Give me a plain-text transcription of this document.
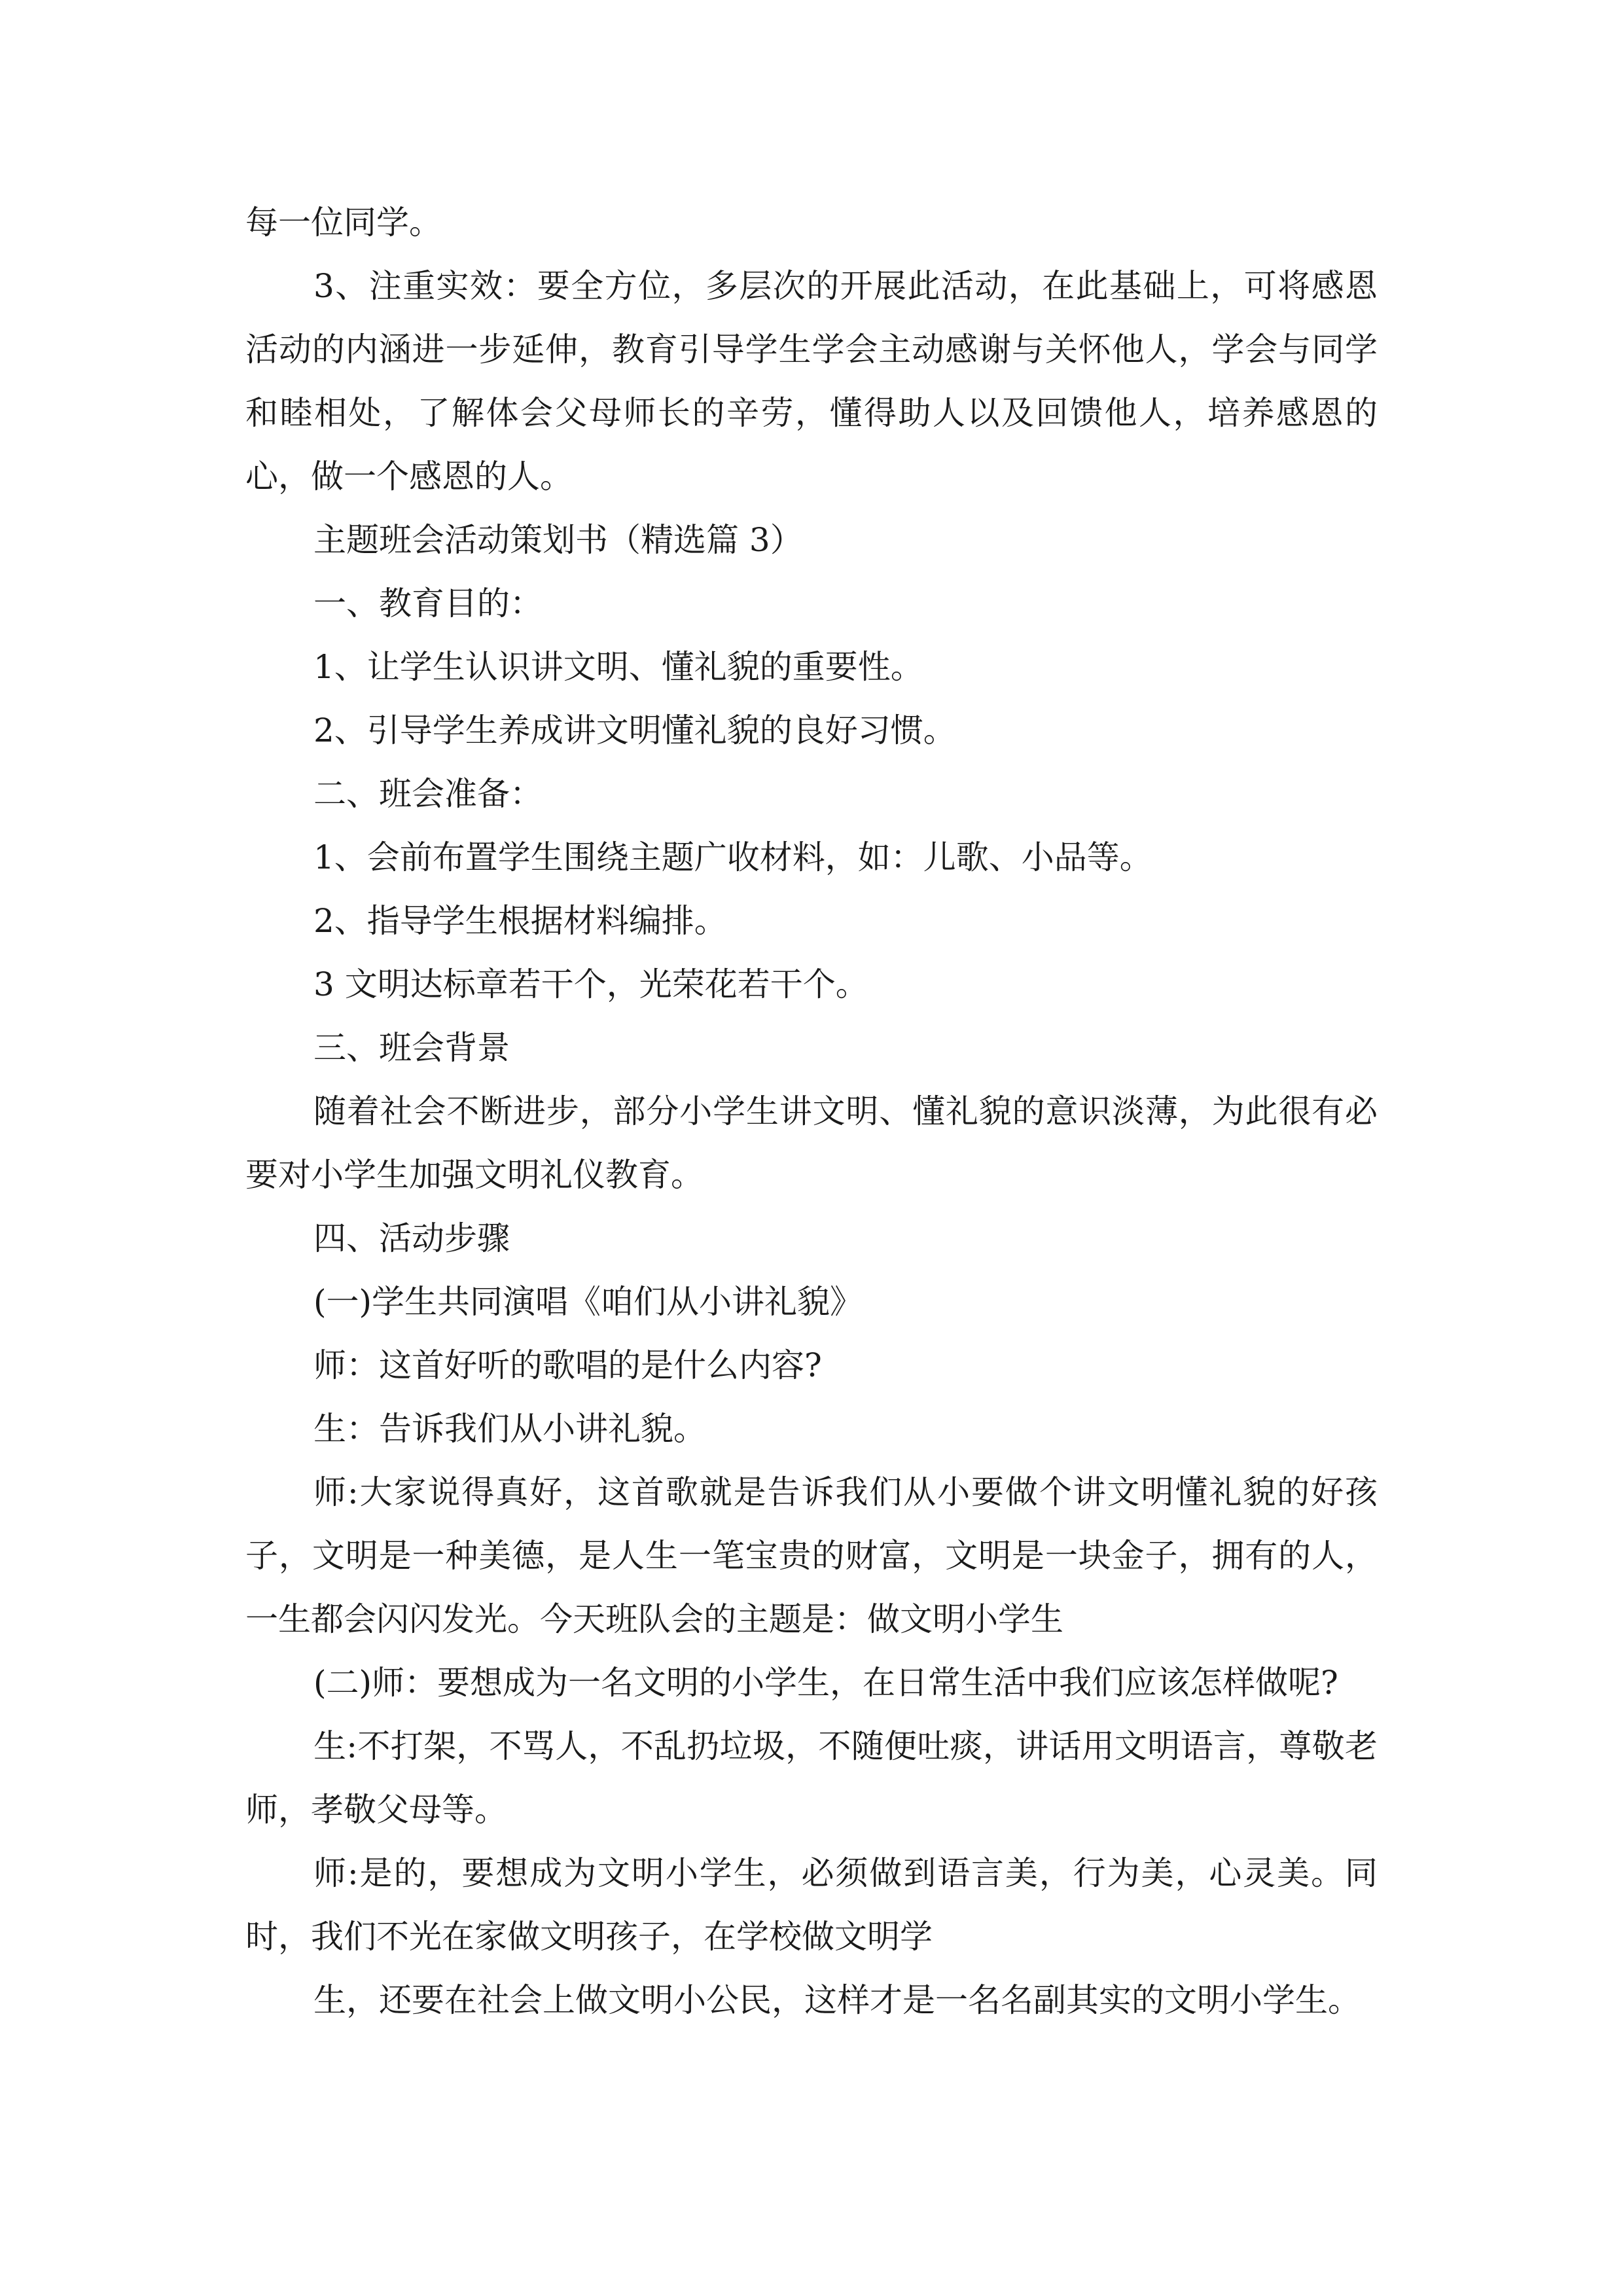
每一位同学。

3、注重实效：要全方位，多层次的开展此活动，在此基础上，可将感恩活动的内涵进一步延伸，教育引导学生学会主动感谢与关怀他人，学会与同学和睦相处，了解体会父母师长的辛劳，懂得助人以及回馈他人，培养感恩的心，做一个感恩的人。

主题班会活动策划书（精选篇 3）

一、教育目的：

1、让学生认识讲文明、懂礼貌的重要性。

2、引导学生养成讲文明懂礼貌的良好习惯。

二、班会准备：

1、会前布置学生围绕主题广收材料，如：儿歌、小品等。

2、指导学生根据材料编排。

3 文明达标章若干个，光荣花若干个。

三、班会背景

随着社会不断进步，部分小学生讲文明、懂礼貌的意识淡薄，为此很有必要对小学生加强文明礼仪教育。

四、活动步骤

(一)学生共同演唱《咱们从小讲礼貌》

师：这首好听的歌唱的是什么内容?

生：告诉我们从小讲礼貌。

师:大家说得真好，这首歌就是告诉我们从小要做个讲文明懂礼貌的好孩子，文明是一种美德，是人生一笔宝贵的财富，文明是一块金子，拥有的人，一生都会闪闪发光。今天班队会的主题是：做文明小学生

(二)师：要想成为一名文明的小学生，在日常生活中我们应该怎样做呢?

生:不打架，不骂人，不乱扔垃圾，不随便吐痰，讲话用文明语言，尊敬老师，孝敬父母等。

师:是的，要想成为文明小学生，必须做到语言美，行为美，心灵美。同时，我们不光在家做文明孩子，在学校做文明学

生，还要在社会上做文明小公民，这样才是一名名副其实的文明小学生。
